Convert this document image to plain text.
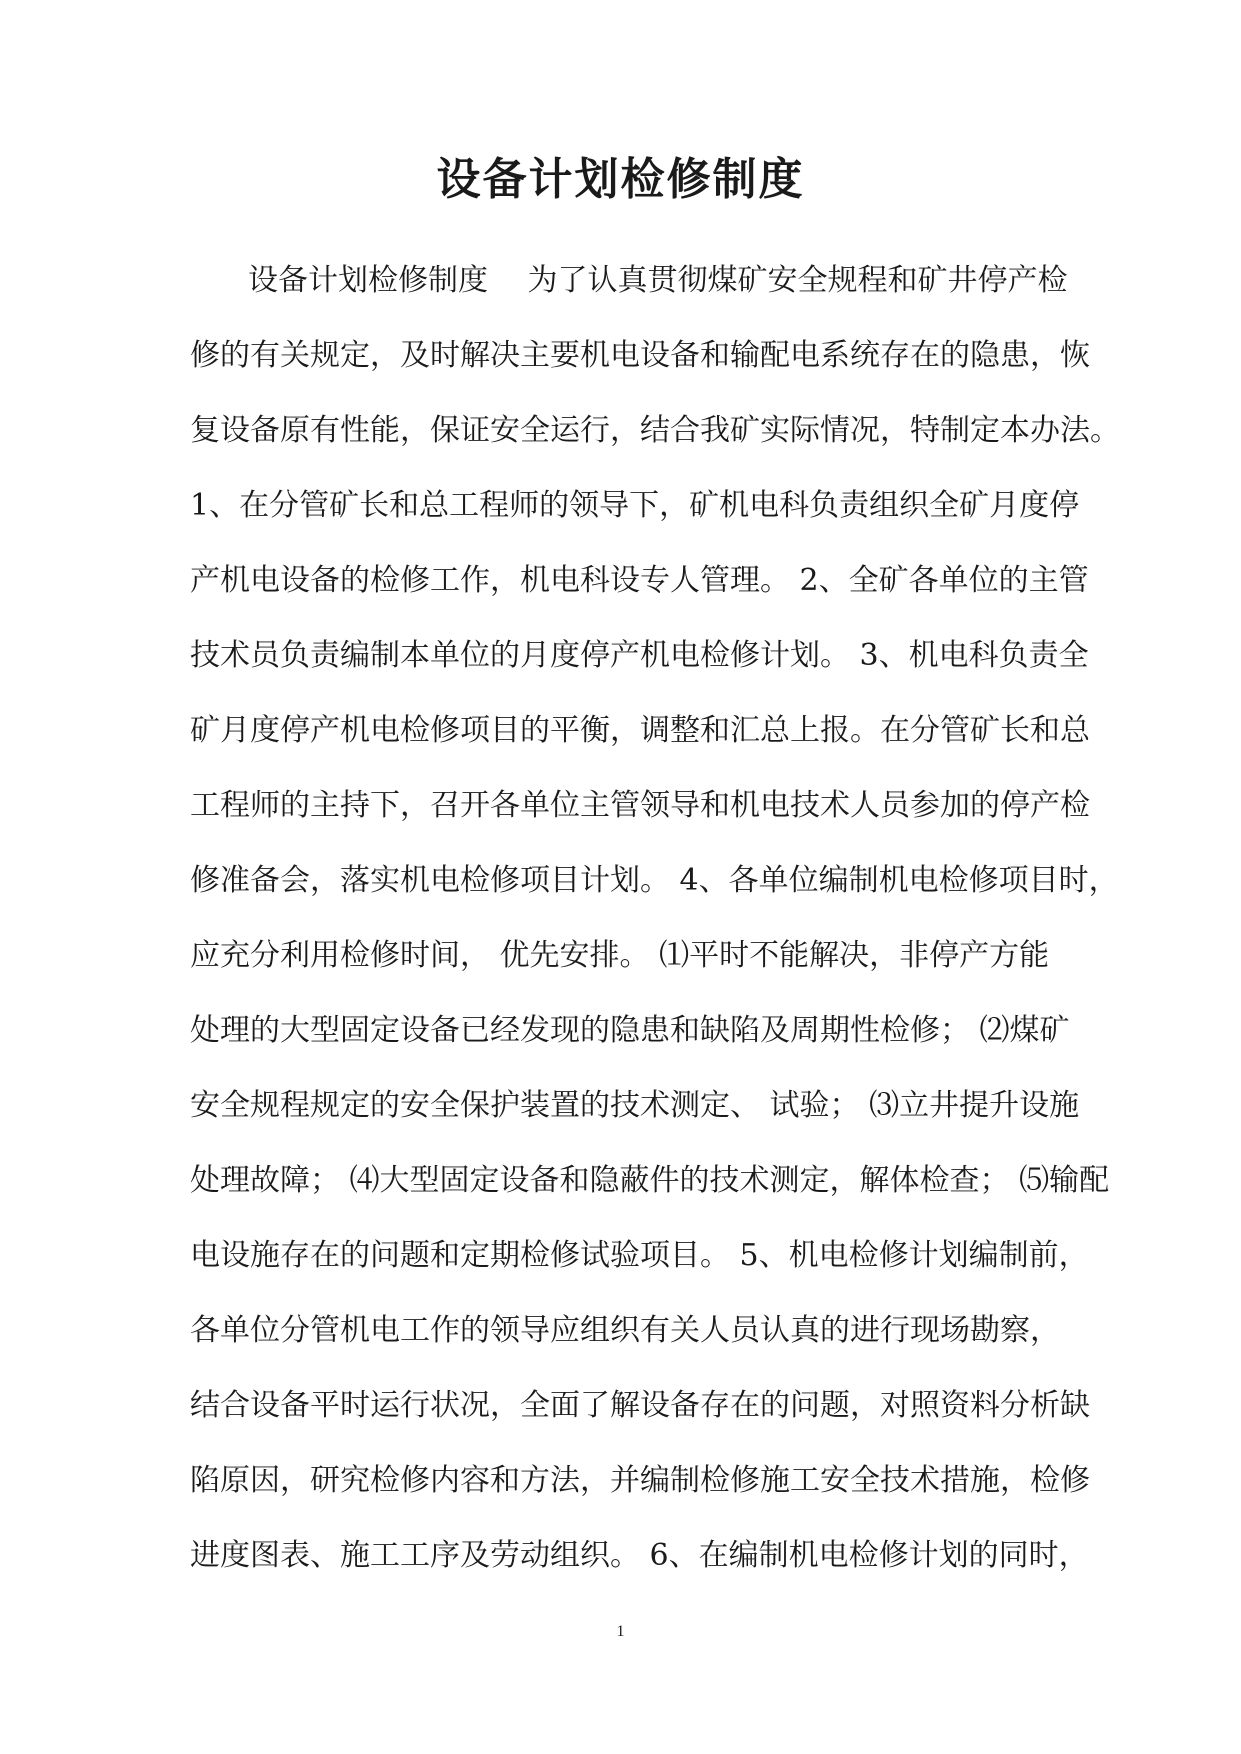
设备计划检修制度
设备计划检修制度　 为了认真贯彻煤矿安全规程和矿井停产检
修的有关规定，及时解决主要机电设备和输配电系统存在的隐患，恢
复设备原有性能，保证安全运行，结合我矿实际情况，特制定本办法。
1、在分管矿长和总工程师的领导下，矿机电科负责组织全矿月度停
产机电设备的检修工作，机电科设专人管理。 2、全矿各单位的主管
技术员负责编制本单位的月度停产机电检修计划。 3、机电科负责全
矿月度停产机电检修项目的平衡，调整和汇总上报。在分管矿长和总
工程师的主持下，召开各单位主管领导和机电技术人员参加的停产检
修准备会，落实机电检修项目计划。 4、各单位编制机电检修项目时，
应充分利用检修时间， 优先安排。 ⑴平时不能解决，非停产方能
处理的大型固定设备已经发现的隐患和缺陷及周期性检修； ⑵煤矿
安全规程规定的安全保护装置的技术测定、 试验； ⑶立井提升设施
处理故障； ⑷大型固定设备和隐蔽件的技术测定，解体检查； ⑸输配
电设施存在的问题和定期检修试验项目。 5、机电检修计划编制前，
各单位分管机电工作的领导应组织有关人员认真的进行现场勘察，
结合设备平时运行状况，全面了解设备存在的问题，对照资料分析缺
陷原因，研究检修内容和方法，并编制检修施工安全技术措施，检修
进度图表、施工工序及劳动组织。 6、在编制机电检修计划的同时，
1
